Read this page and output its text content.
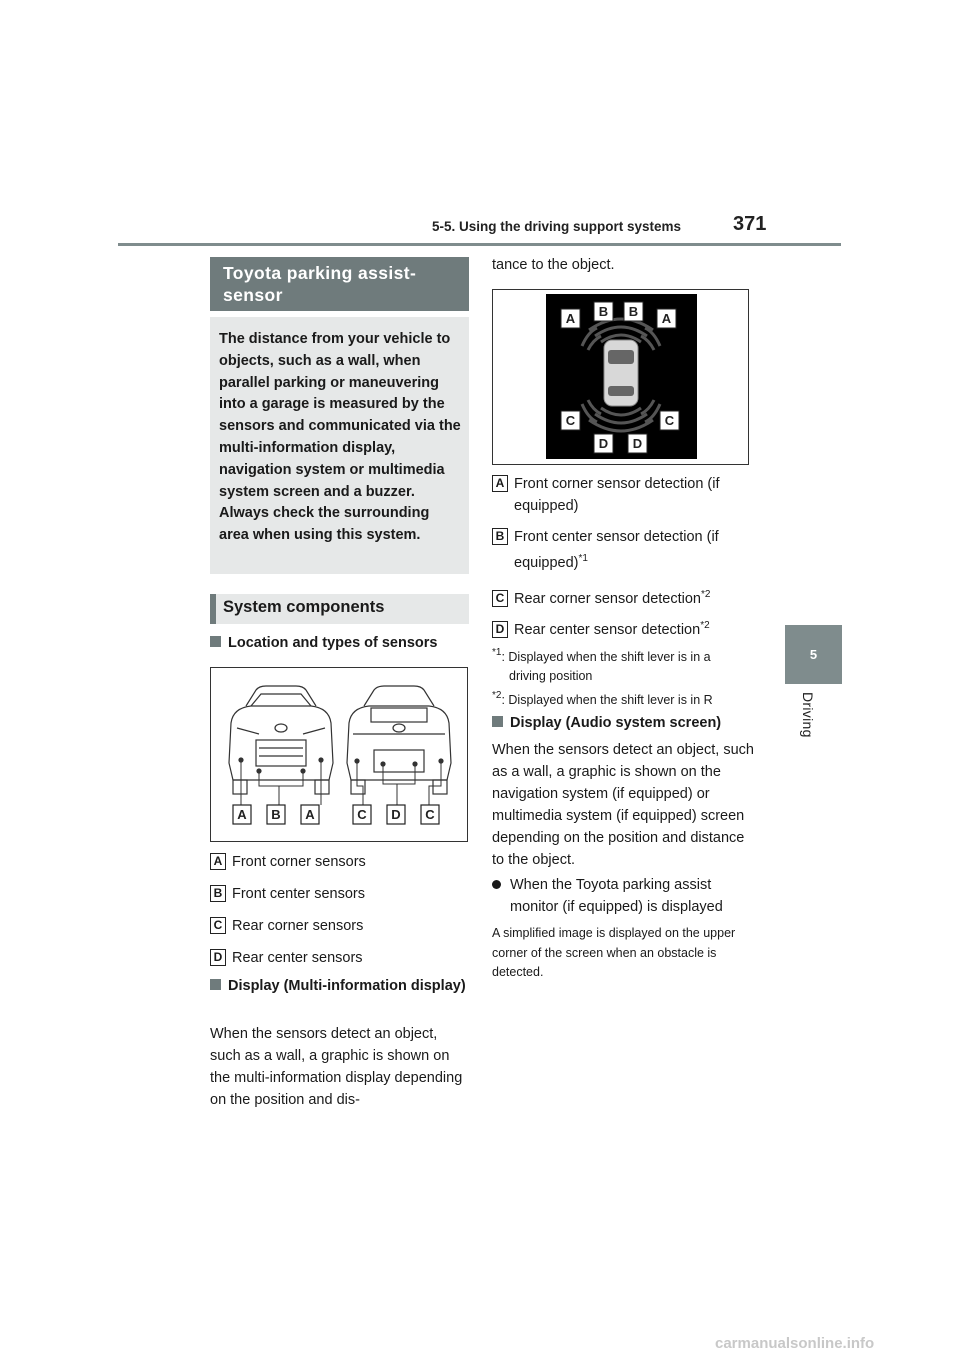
5-5. Using the driving support systems	371
5
Driving
Toyota parking assist-sensor
The distance from your vehicle to objects, such as a wall, when parallel parking or maneuvering into a garage is measured by the sensors and communicated via the multi-information display, navigation system or multimedia system screen and a buzzer. Always check the surrounding area when using this system.
System components
Location and types of sensors
A B A	C D C
A Front corner sensors
B Front center sensors
C Rear corner sensors
D Rear center sensors
Display (Multi-information display)
When the sensors detect an object, such as a wall, a graphic is shown on the multi-information display depending on the position and dis-
tance to the object.
A B B A
C	C
D D
A Front corner sensor detection (if
equipped)
B Front center sensor detection (if
equipped)$^{*1}$
C Rear corner sensor detection$^{*2}$
D Rear center sensor detection$^{*2}$
$^{*1}$: Displayed when the shift lever is in a
driving position
$^{*2}$: Displayed when the shift lever is in R
Display (Audio system screen)
When the sensors detect an object, such as a wall, a graphic is shown on the navigation system (if equipped) or multimedia system (if equipped) screen depending on the position and distance to the object.
When the Toyota parking assist monitor (if equipped) is displayed
A simplified image is displayed on the upper corner of the screen when an obstacle is detected.
carmanualsonline.info
